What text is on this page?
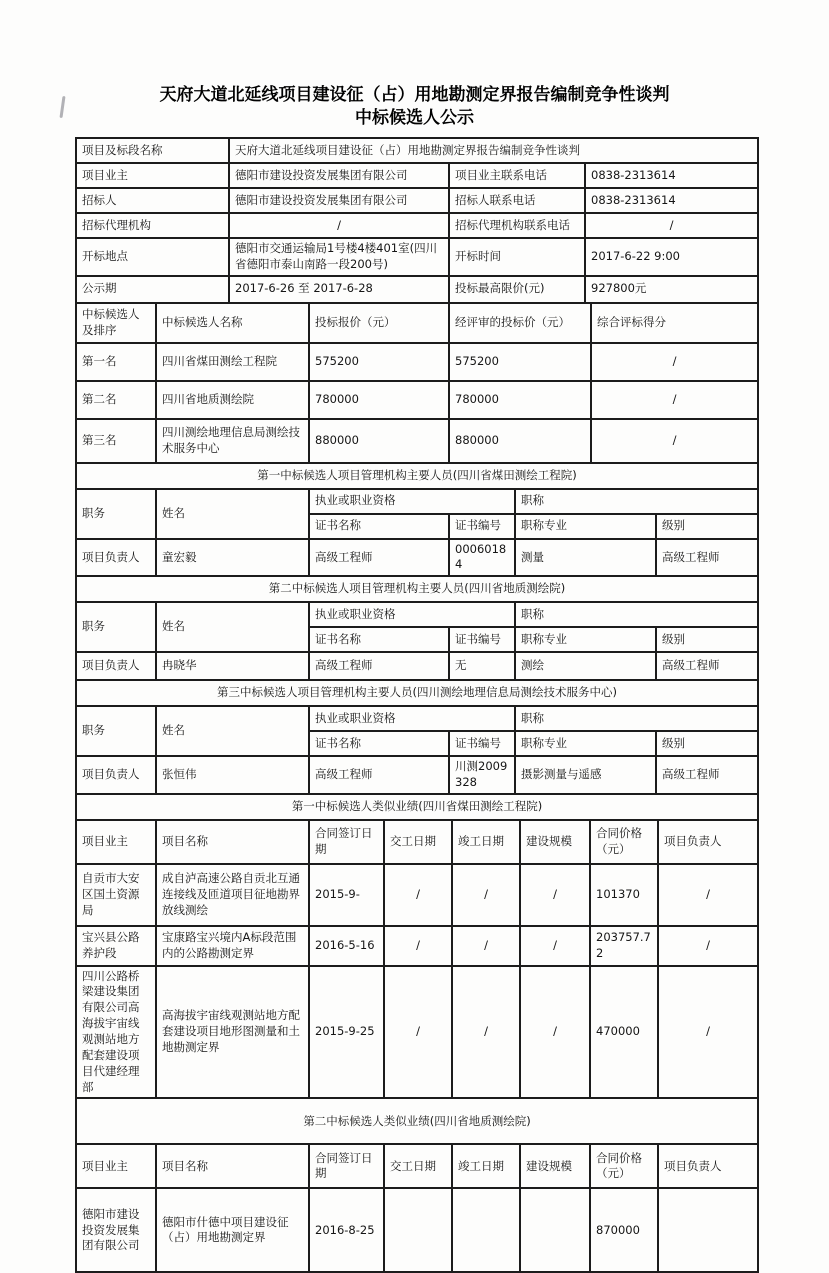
天府大道北延线项目建设征（占）用地勘测定界报告编制竞争性谈判
中标候选人公示
项目及标段名称	天府大道北延线项目建设征（占）用地勘测定界报告编制竞争性谈判		
项目业主	德阳市建设投资发展集团有限公司	项目业主联系电话	0838-2313614
招标人	德阳市建设投资发展集团有限公司	招标人联系电话	0838-2313614
招标代理机构	/	招标代理机构联系电话	/
开标地点	德阳市交通运输局1号楼4楼401室(四川省德阳市泰山南路一段200号)	开标时间	2017-6-22 9:00
公示期	2017-6-26 至 2017-6-28	投标最高限价(元)	927800元
中标候选人及排序	中标候选人名称	投标报价（元）	经评审的投标价（元）	综合评标得分
第一名	四川省煤田测绘工程院	575200	575200	/
第二名	四川省地质测绘院	780000	780000	/
第三名	四川测绘地理信息局测绘技术服务中心	880000	880000	/
第一中标候选人项目管理机构主要人员(四川省煤田测绘工程院)					
职务	姓名	执业或职业资格		职称	
		证书名称	证书编号	职称专业	级别
项目负责人	童宏毅	高级工程师	00060184	测量	高级工程师
第二中标候选人项目管理机构主要人员(四川省地质测绘院)					
职务	姓名	执业或职业资格		职称	
		证书名称	证书编号	职称专业	级别
项目负责人	冉晓华	高级工程师	无	测绘	高级工程师
第三中标候选人项目管理机构主要人员(四川测绘地理信息局测绘技术服务中心)					
职务	姓名	执业或职业资格		职称	
		证书名称	证书编号	职称专业	级别
项目负责人	张恒伟	高级工程师	川测2009328	摄影测量与遥感	高级工程师
第一中标候选人类似业绩(四川省煤田测绘工程院)							
项目业主	项目名称	合同签订日期	交工日期	竣工日期	建设规模	合同价格（元）	项目负责人
自贡市大安区国土资源局	成自泸高速公路自贡北互通连接线及匝道项目征地勘界放线测绘	2015-9-	/	/	/	101370	/
宝兴县公路养护段	宝康路宝兴境内A标段范围内的公路勘测定界	2016-5-16	/	/	/	203757.72	/
四川公路桥梁建设集团有限公司高海拔宇宙线观测站地方配套建设项目代建经理部	高海拔宇宙线观测站地方配套建设项目地形图测量和土地勘测定界	2015-9-25	/	/	/	470000	/
第二中标候选人类似业绩(四川省地质测绘院)							
项目业主	项目名称	合同签订日期	交工日期	竣工日期	建设规模	合同价格（元）	项目负责人
德阳市建设投资发展集团有限公司	德阳市什德中项目建设征（占）用地勘测定界	2016-8-25				870000	
